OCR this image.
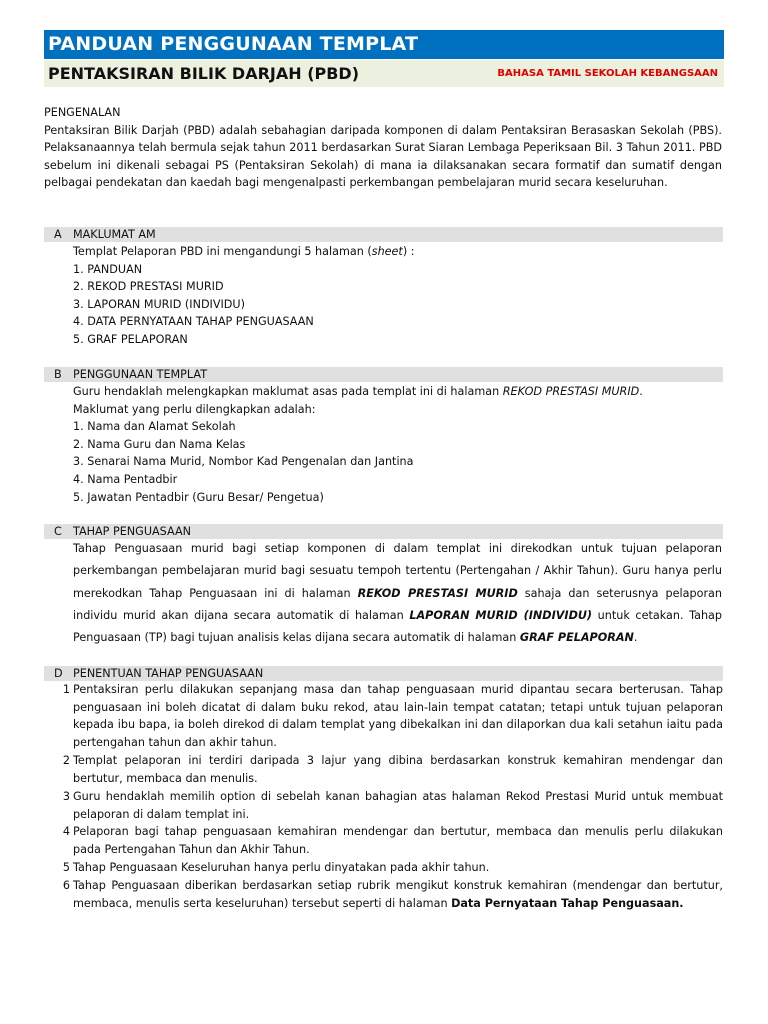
PANDUAN PENGGUNAAN TEMPLAT
PENTAKSIRAN BILIK DARJAH (PBD)	BAHASA TAMIL SEKOLAH KEBANGSAAN
PENGENALAN
Pentaksiran Bilik Darjah (PBD) adalah sebahagian daripada komponen di dalam Pentaksiran Berasaskan Sekolah (PBS). Pelaksanaannya telah bermula sejak tahun 2011 berdasarkan Surat Siaran Lembaga Peperiksaan Bil. 3 Tahun 2011. PBD sebelum ini dikenali sebagai PS (Pentaksiran Sekolah) di mana ia dilaksanakan secara formatif dan sumatif dengan pelbagai pendekatan dan kaedah bagi mengenalpasti perkembangan pembelajaran murid secara keseluruhan.
A MAKLUMAT AM
Templat Pelaporan PBD ini mengandungi 5 halaman (sheet) :
1. PANDUAN
2. REKOD PRESTASI MURID
3. LAPORAN MURID (INDIVIDU)
4. DATA PERNYATAAN TAHAP PENGUASAAN
5. GRAF PELAPORAN
B PENGGUNAAN TEMPLAT
Guru hendaklah melengkapkan maklumat asas pada templat ini di halaman REKOD PRESTASI MURID.
Maklumat yang perlu dilengkapkan adalah:
1. Nama dan Alamat Sekolah
2. Nama Guru dan Nama Kelas
3. Senarai Nama Murid, Nombor Kad Pengenalan dan Jantina
4. Nama Pentadbir
5. Jawatan Pentadbir (Guru Besar/ Pengetua)
C TAHAP PENGUASAAN
Tahap Penguasaan murid bagi setiap komponen di dalam templat ini direkodkan untuk tujuan pelaporan perkembangan pembelajaran murid bagi sesuatu tempoh tertentu (Pertengahan / Akhir Tahun). Guru hanya perlu merekodkan Tahap Penguasaan ini di halaman REKOD PRESTASI MURID sahaja dan seterusnya pelaporan individu murid akan dijana secara automatik di halaman LAPORAN MURID (INDIVIDU) untuk cetakan. Tahap Penguasaan (TP) bagi tujuan analisis kelas dijana secara automatik di halaman GRAF PELAPORAN.
D PENENTUAN TAHAP PENGUASAAN
1 Pentaksiran perlu dilakukan sepanjang masa dan tahap penguasaan murid dipantau secara berterusan. Tahap penguasaan ini boleh dicatat di dalam buku rekod, atau lain-lain tempat catatan; tetapi untuk tujuan pelaporan kepada ibu bapa, ia boleh direkod di dalam templat yang dibekalkan ini dan dilaporkan dua kali setahun iaitu pada pertengahan tahun dan akhir tahun.
2 Templat pelaporan ini terdiri daripada 3 lajur yang dibina berdasarkan konstruk kemahiran mendengar dan bertutur, membaca dan menulis.
3 Guru hendaklah memilih option di sebelah kanan bahagian atas halaman Rekod Prestasi Murid untuk membuat pelaporan di dalam templat ini.
4 Pelaporan bagi tahap penguasaan kemahiran mendengar dan bertutur, membaca dan menulis perlu dilakukan pada Pertengahan Tahun dan Akhir Tahun.
5 Tahap Penguasaan Keseluruhan hanya perlu dinyatakan pada akhir tahun.
6 Tahap Penguasaan diberikan berdasarkan setiap rubrik mengikut konstruk kemahiran (mendengar dan bertutur, membaca, menulis serta keseluruhan) tersebut seperti di halaman Data Pernyataan Tahap Penguasaan.
